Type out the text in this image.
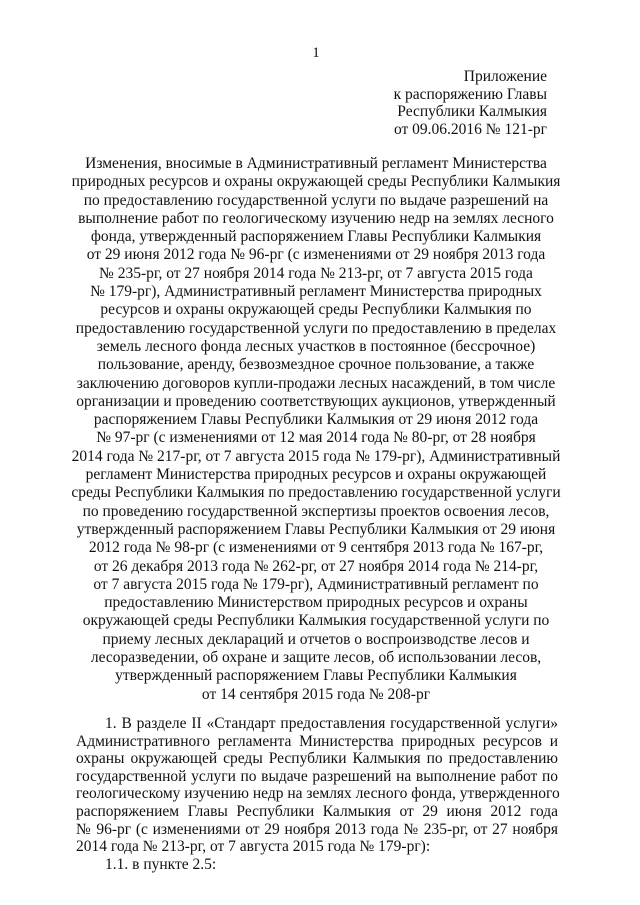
1
Приложение
к распоряжению Главы
Республики Калмыкия
от 09.06.2016 № 121-рг
Изменения, вносимые в Административный регламент Министерства
природных ресурсов и охраны окружающей среды Республики Калмыкия
по предоставлению государственной услуги по выдаче разрешений на
выполнение работ по геологическому изучению недр на землях лесного
фонда, утвержденный распоряжением Главы Республики Калмыкия
от 29 июня 2012 года № 96-рг (с изменениями от 29 ноября 2013 года
№ 235-рг, от 27 ноября 2014 года № 213-рг, от 7 августа 2015 года
№ 179-рг), Административный регламент Министерства природных
ресурсов и охраны окружающей среды Республики Калмыкия по
предоставлению государственной услуги по предоставлению в пределах
земель лесного фонда лесных участков в постоянное (бессрочное)
пользование, аренду, безвозмездное срочное пользование, а также
заключению договоров купли-продажи лесных насаждений, в том числе
организации и проведению соответствующих аукционов, утвержденный
распоряжением Главы Республики Калмыкия от 29 июня 2012 года
№ 97-рг (с изменениями от 12 мая 2014 года № 80-рг, от 28 ноября
2014 года № 217-рг, от 7 августа 2015 года № 179-рг), Административный
регламент Министерства природных ресурсов и охраны окружающей
среды Республики Калмыкия по предоставлению государственной услуги
по проведению государственной экспертизы проектов освоения лесов,
утвержденный распоряжением Главы Республики Калмыкия от 29 июня
2012 года № 98-рг (с изменениями от 9 сентября 2013 года № 167-рг,
от 26 декабря 2013 года № 262-рг, от 27 ноября 2014 года № 214-рг,
от 7 августа 2015 года № 179-рг), Административный регламент по
предоставлению Министерством природных ресурсов и охраны
окружающей среды Республики Калмыкия государственной услуги по
приему лесных деклараций и отчетов о воспроизводстве лесов и
лесоразведении, об охране и защите лесов, об использовании лесов,
утвержденный распоряжением Главы Республики Калмыкия
от 14 сентября 2015 года № 208-рг
1. В разделе II «Стандарт предоставления государственной услуги»
Административного регламента Министерства природных ресурсов и
охраны окружающей среды Республики Калмыкия по предоставлению
государственной услуги по выдаче разрешений на выполнение работ по
геологическому изучению недр на землях лесного фонда, утвержденного
распоряжением Главы Республики Калмыкия от 29 июня 2012 года
№ 96-рг (с изменениями от 29 ноября 2013 года № 235-рг, от 27 ноября
2014 года № 213-рг, от 7 августа 2015 года № 179-рг):
1.1. в пункте 2.5:
